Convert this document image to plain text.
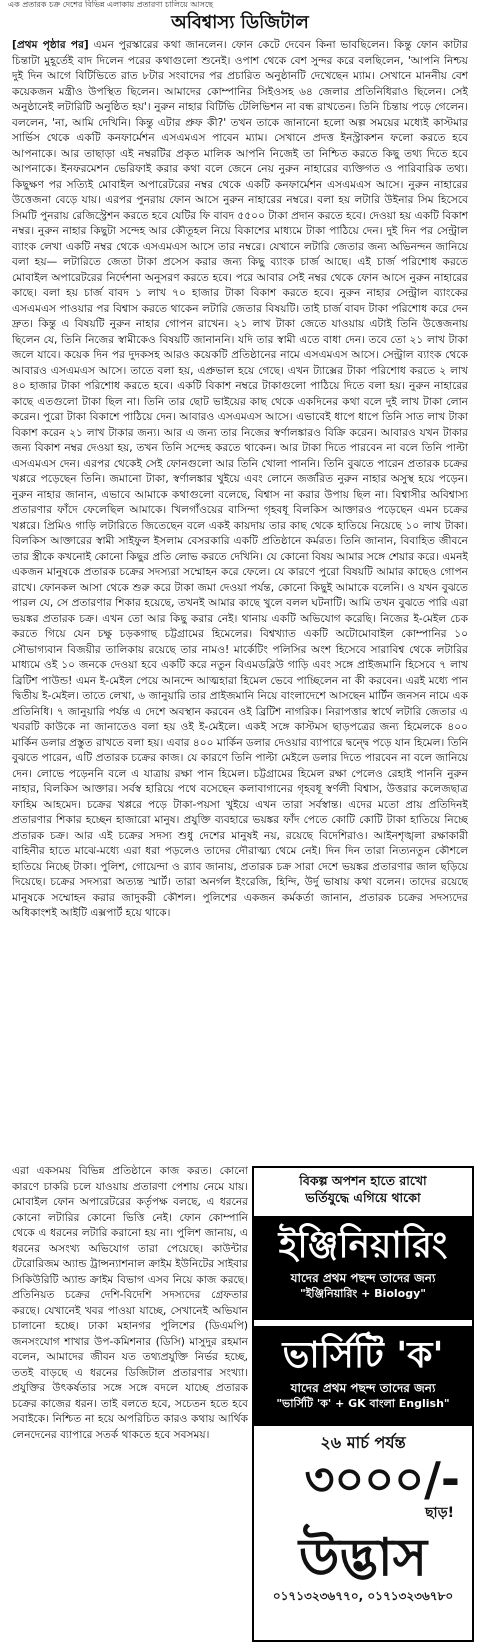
এক প্রতারক চক্র দেশের বিভিন্ন এলাকায় প্রতারণা চালিয়ে আসছে
অবিশ্বাস্য ডিজিটাল

[প্রথম পৃষ্ঠার পর] এমন পুরস্কারের কথা জানলেন। ফোন কেটে দেবেন কিনা ভাবছিলেন। কিন্তু ফোন কাটার চিন্তাটা মুহূর্তেই বাদ দিলেন পরের কথাগুলো শুনেই। ওপাশ থেকে বেশ সুন্দর করে বলছিলেন, 'আপনি নিশ্চয় দুই দিন আগে বিটিভিতে রাত ৮টার সংবাদের পর প্রচারিত অনুষ্ঠানটি দেখেছেন ম্যাম। সেখানে মাননীয় বেশ কয়েকজন মন্ত্রীও উপস্থিত ছিলেন। আমাদের কোম্পানির সিইওসহ ৬৪ জেলার প্রতিনিধিরাও ছিলেন। সেই অনুষ্ঠানেই লটারিটি অনুষ্ঠিত হয়'। নুরুন নাহার বিটিভি টেলিভিশন না বন্ধ রাখতেন। তিনি চিন্তায় পড়ে গেলেন। বললেন, 'না, আমি দেখিনি। কিন্তু এটার প্রুফ কী?' তখন তাকে জানানো হলো অল্প সময়ের মধ্যেই কাস্টমার সার্ভিস থেকে একটি কনফার্মেশন এসএমএস পাবেন ম্যাম। সেখানে প্রদত্ত ইনস্ট্রাকশন ফলো করতে হবে আপনাকে। আর তাছাড়া এই নম্বরটির প্রকৃত মালিক আপনি নিজেই তা নিশ্চিত করতে কিছু তথ্য দিতে হবে আপনাকে। ইনফরমেশন ভেরিফাই করার কথা বলে জেনে নেয় নুরুন নাহারের ব্যক্তিগত ও পারিবারিক তথ্য। কিছুক্ষণ পর সত্যিই মোবাইল অপারেটরের নম্বর থেকে একটি কনফার্মেশন এসএমএস আসে। নুরুন নাহারের উত্তেজনা বেড়ে যায়। এরপর পুনরায় ফোন আসে নুরুন নাহারের নম্বরে। বলা হয় লটারি উইনার সিম হিসেবে সিমটি পুনরায় রেজিস্ট্রেশন করতে হবে যেটির ফি বাবদ ৫৫০০ টাকা প্রদান করতে হবে। দেওয়া হয় একটি বিকাশ নম্বর। নুরুন নাহার কিছুটা সন্দেহ আর কৌতূহল নিয়ে বিকাশের মাধ্যমে টাকা পাঠিয়ে দেন। দুই দিন পর সেন্ট্রাল ব্যাংক লেখা একটি নম্বর থেকে এসএমএস আসে তার নম্বরে। যেখানে লটারি জেতার জন্য অভিনন্দন জানিয়ে বলা হয়— লটারিতে জেতা টাকা প্রসেস করার জন্য কিছু ব্যাংক চার্জ আছে। এই চার্জ পরিশোধ করতে মোবাইল অপারেটরের নির্দেশনা অনুসরণ করতে হবে। পরে আবার সেই নম্বর থেকে ফোন আসে নুরুন নাহারের কাছে। বলা হয় চার্জ বাবদ ১ লাখ ৭০ হাজার টাকা বিকাশ করতে হবে। নুরুন নাহার সেন্ট্রাল ব্যাংকের এসএমএস পাওয়ার পর বিশ্বাস করতে থাকেন লটারি জেতার বিষয়টি। তাই চার্জ বাবদ টাকা পরিশোধ করে দেন দ্রুত। কিন্তু এ বিষয়টি নুরুন নাহার গোপন রাখেন। ২১ লাখ টাকা জেতে যাওয়ায় এটাই তিনি উত্তেজনায় ছিলেন যে, তিনি নিজের স্বামীকেও বিষয়টি জানাননি। যদি তার স্বামী এতে বাধা দেন। তবে তো ২১ লাখ টাকা জলে যাবে। কয়েক দিন পর দুদকসহ আরও কয়েকটি প্রতিষ্ঠানের নামে এসএমএস আসে। সেন্ট্রাল ব্যাংক থেকে আবারও এসএমএস আসে। তাতে বলা হয়, এপ্রুভাল হয়ে গেছে। এখন ট্যাক্সের টাকা পরিশোধ করতে ২ লাখ ৪০ হাজার টাকা পরিশোধ করতে হবে। একটি বিকাশ নম্বরে টাকাগুলো পাঠিয়ে দিতে বলা হয়। নুরুন নাহারের কাছে এতগুলো টাকা ছিল না। তিনি তার ছোট ভাইয়ের কাছ থেকে একদিনের কথা বলে দুই লাখ টাকা লোন করেন। পুরো টাকা বিকাশে পাঠিয়ে দেন। আবারও এসএমএস আসে। এভাবেই ধাপে ধাপে তিনি সাত লাখ টাকা বিকাশ করেন ২১ লাখ টাকার জন্য। আর এ জন্য তার নিজের স্বর্ণালঙ্কারও বিক্রি করেন। আবারও যখন টাকার জন্য বিকাশ নম্বর দেওয়া হয়, তখন তিনি সন্দেহ করতে থাকেন। আর টাকা দিতে পারবেন না বলে তিনি পাল্টা এসএমএস দেন। এরপর থেকেই সেই ফোনগুলো আর তিনি খোলা পাননি। তিনি বুঝতে পারেন প্রতারক চক্রের খপ্পরে পড়েছেন তিনি। জমানো টাকা, স্বর্ণালঙ্কার খুইয়ে এবং লোনে জর্জরিত নুরুন নাহার অসুস্থ হয়ে পড়েন। নুরুন নাহার জানান, এভাবে আমাকে কথাগুলো বলেছে, বিশ্বাস না করার উপায় ছিল না। বিশ্বাসীর অবিশ্বাস্য প্রতারণার ফাঁদে ফেলেছিল আমাকে। খিলগাঁওয়ের বাসিন্দা গৃহবধূ বিলকিস আক্তারও পড়েছেন এমন চক্রের খপ্পরে। প্রিমিও গাড়ি লটারিতে জিতেছেন বলে একই কায়দায় তার কাছ থেকে হাতিয়ে নিয়েছে ১০ লাখ টাকা। বিলকিস আক্তারের স্বামী সাইফুল ইসলাম বেসরকারি একটি প্রতিষ্ঠানে কর্মরত। তিনি জানান, বিবাহিত জীবনে তার স্ত্রীকে কখনোই কোনো কিছুর প্রতি লোভ করতে দেখিনি। যে কোনো বিষয় আমার সঙ্গে শেয়ার করে। এমনই একজন মানুষকে প্রতারক চক্রের সদস্যরা সম্মোহন করে ফেলে। যে কারণে পুরো বিষয়টি আমার কাছেও গোপন রাখে। ফোনকল আসা থেকে শুরু করে টাকা জমা দেওয়া পর্যন্ত, কোনো কিছুই আমাকে বলেনি। ও যখন বুঝতে পারল যে, সে প্রতারণার শিকার হয়েছে, তখনই আমার কাছে খুলে বলল ঘটনাটি। আমি তখন বুঝতে পারি এরা ভয়ঙ্কর প্রতারক চক্র। এখন তো আর কিছু করার নেই। থানায় একটি অভিযোগ করেছি। নিজের ই-মেইল চেক করতে গিয়ে যেন চক্ষু চড়কগাছ চট্টগ্রামের হিমেলের। বিশ্বখ্যাত একটি অটোমোবাইল কোম্পানির ১০ সৌভাগ্যবান বিজয়ীর তালিকায় রয়েছে তার নামও! মার্কেটিং পলিসির অংশ হিসেবে সারাবিশ্ব থেকে লটারির মাধ্যমে ওই ১০ জনকে দেওয়া হবে একটি করে নতুন বিএমডব্লিউ গাড়ি এবং সঙ্গে প্রাইজমানি হিসেবে ৭ লাখ ব্রিটিশ পাউন্ড! এমন ই-মেইল পেয়ে আনন্দে আত্মহারা হিমেল ভেবে পাচ্ছিলেন না কী করবেন। এরই মধ্যে পান দ্বিতীয় ই-মেইল। তাতে লেখা, ৬ জানুয়ারি তার প্রাইজমানি নিয়ে বাংলাদেশে আসছেন মার্টিন জনসন নামে এক প্রতিনিধি। ৭ জানুয়ারি পর্যন্ত এ দেশে অবস্থান করবেন ওই ব্রিটিশ নাগরিক। নিরাপত্তার স্বার্থে লটারি জেতার এ খবরটি কাউকে না জানাতেও বলা হয় ওই ই-মেইলে। একই সঙ্গে কাস্টমস ছাড়পত্রের জন্য হিমেলকে ৪০০ মার্কিন ডলার প্রস্তুত রাখতে বলা হয়। এবার ৪০০ মার্কিন ডলার দেওয়ার ব্যাপারে দ্বন্দ্বে পড়ে যান হিমেল। তিনি বুঝতে পারেন, এটি প্রতারক চক্রের কাজ। যে কারণে তিনি পাল্টা মেইলে ডলার দিতে পারবেন না বলে জানিয়ে দেন। লোভে পড়েননি বলে এ যাত্রায় রক্ষা পান হিমেল। চট্টগ্রামের হিমেল রক্ষা পেলেও রেহাই পাননি নুরুন নাহার, বিলকিস আক্তার। সর্বস্ব হারিয়ে পথে বসেছেন কলাবাগানের গৃহবধূ স্বর্ণলী বিশ্বাস, উত্তরার কলেজছাত্র ফাহিম আহমেদ। চক্রের খপ্পরে পড়ে টাকা-পয়সা খুইয়ে এখন তারা সর্বস্বান্ত। এদের মতো প্রায় প্রতিদিনই প্রতারণার শিকার হচ্ছেন হাজারো মানুষ। প্রযুক্তি ব্যবহারে ভয়ঙ্কর ফাঁদ পেতে কোটি কোটি টাকা হাতিয়ে নিচ্ছে প্রতারক চক্র। আর এই চক্রের সদস্য শুধু দেশের মানুষই নয়, রয়েছে বিদেশিরাও। আইনশৃঙ্খলা রক্ষাকারী বাহিনীর হাতে মাঝে-মধ্যে এরা ধরা পড়লেও তাদের দৌরাত্ম্য থেমে নেই। দিন দিন তারা নিত্যনতুন কৌশলে হাতিয়ে নিচ্ছে টাকা। পুলিশ, গোয়েন্দা ও র‍্যাব জানায়, প্রতারক চক্র সারা দেশে ভয়ঙ্কর প্রতারণার জাল ছড়িয়ে দিয়েছে। চক্রের সদস্যরা অত্যন্ত স্মার্ট। তারা অনর্গল ইংরেজি, হিন্দি, উর্দু ভাষায় কথা বলেন। তাদের রয়েছে মানুষকে সম্মোহন করার জাদুকরী কৌশল। পুলিশের একজন কর্মকর্তা জানান, প্রতারক চক্রের সদস্যদের অধিকাংশই আইটি এক্সপার্ট হয়ে থাকে।

এরা একসময় বিভিন্ন প্রতিষ্ঠানে কাজ করত। কোনো কারণে চাকরি চলে যাওয়ায় প্রতারণা পেশায় নেমে যায়। মোবাইল ফোন অপারেটরের কর্তৃপক্ষ বলছে, এ ধরনের কোনো লটারির কোনো ভিত্তি নেই। ফোন কোম্পানি থেকে এ ধরনের লটারি করানো হয় না। পুলিশ জানায়, এ ধরনের অসংখ্য অভিযোগ তারা পেয়েছে। কাউন্টার টেরোরিজম অ্যান্ড ট্রান্সন্যাশনাল ক্রাইম ইউনিটের সাইবার সিকিউরিটি অ্যান্ড ক্রাইম বিভাগ এসব নিয়ে কাজ করছে। প্রতিনিয়ত চক্রের দেশি-বিদেশি সদস্যদের গ্রেফতার করছে। যেখানেই খবর পাওয়া যাচ্ছে, সেখানেই অভিযান চালানো হচ্ছে। ঢাকা মহানগর পুলিশের (ডিএমপি) জনসংযোগ শাখার উপ-কমিশনার (ডিসি) মাসুদুর রহমান বলেন, আমাদের জীবন যত তথ্যপ্রযুক্তি নির্ভর হচ্ছে, ততই বাড়ছে এ ধরনের ডিজিটাল প্রতারণার সংখ্যা। প্রযুক্তির উৎকর্ষতার সঙ্গে সঙ্গে বদলে যাচ্ছে প্রতারক চক্রের কাজের ধরন। তাই বলতে হবে, সচেতন হতে হবে সবাইকে। নিশ্চিত না হয়ে অপরিচিত কারও কথায় আর্থিক লেনদেনের ব্যাপারে সতর্ক থাকতে হবে সবসময়।

বিকল্প অপশন হাতে রাখো
ভর্তিযুদ্ধে এগিয়ে থাকো
ইঞ্জিনিয়ারিং
যাদের প্রথম পছন্দ তাদের জন্য
"ইঞ্জিনিয়ারিং + Biology"
ভার্সিটি 'ক'
যাদের প্রথম পছন্দ তাদের জন্য
"ভার্সিটি 'ক' + GK বাংলা English"
২৬ মার্চ পর্যন্ত
৩০০০/-
ছাড়!
উদ্ভাস
০১৭১৩২৩৬৭৭০, ০১৭১৩২৩৬৭৮০
